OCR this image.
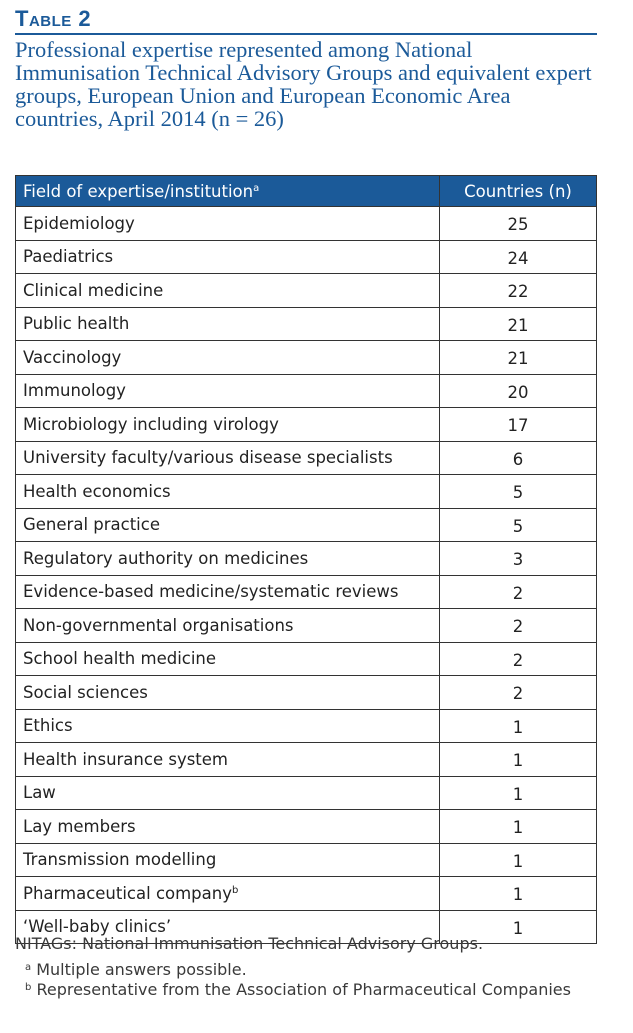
Table 2
Professional expertise represented among National Immunisation Technical Advisory Groups and equivalent expert groups, European Union and European Economic Area countries, April 2014 (n = 26)
Field of expertise/institution$^a$	Countries (n)
Epidemiology	25
Paediatrics	24
Clinical medicine	22
Public health	21
Vaccinology	21
Immunology	20
Microbiology including virology	17
University faculty/various disease specialists	6
Health economics	5
General practice	5
Regulatory authority on medicines	3
Evidence-based medicine/systematic reviews	2
Non-governmental organisations	2
School health medicine	2
Social sciences	2
Ethics	1
Health insurance system	1
Law	1
Lay members	1
Transmission modelling	1
Pharmaceutical company$^b$	1
‘Well-baby clinics’	1

NITAGs: National Immunisation Technical Advisory Groups.

$^a$ Multiple answers possible.

$^b$ Representative from the Association of Pharmaceutical Companies
